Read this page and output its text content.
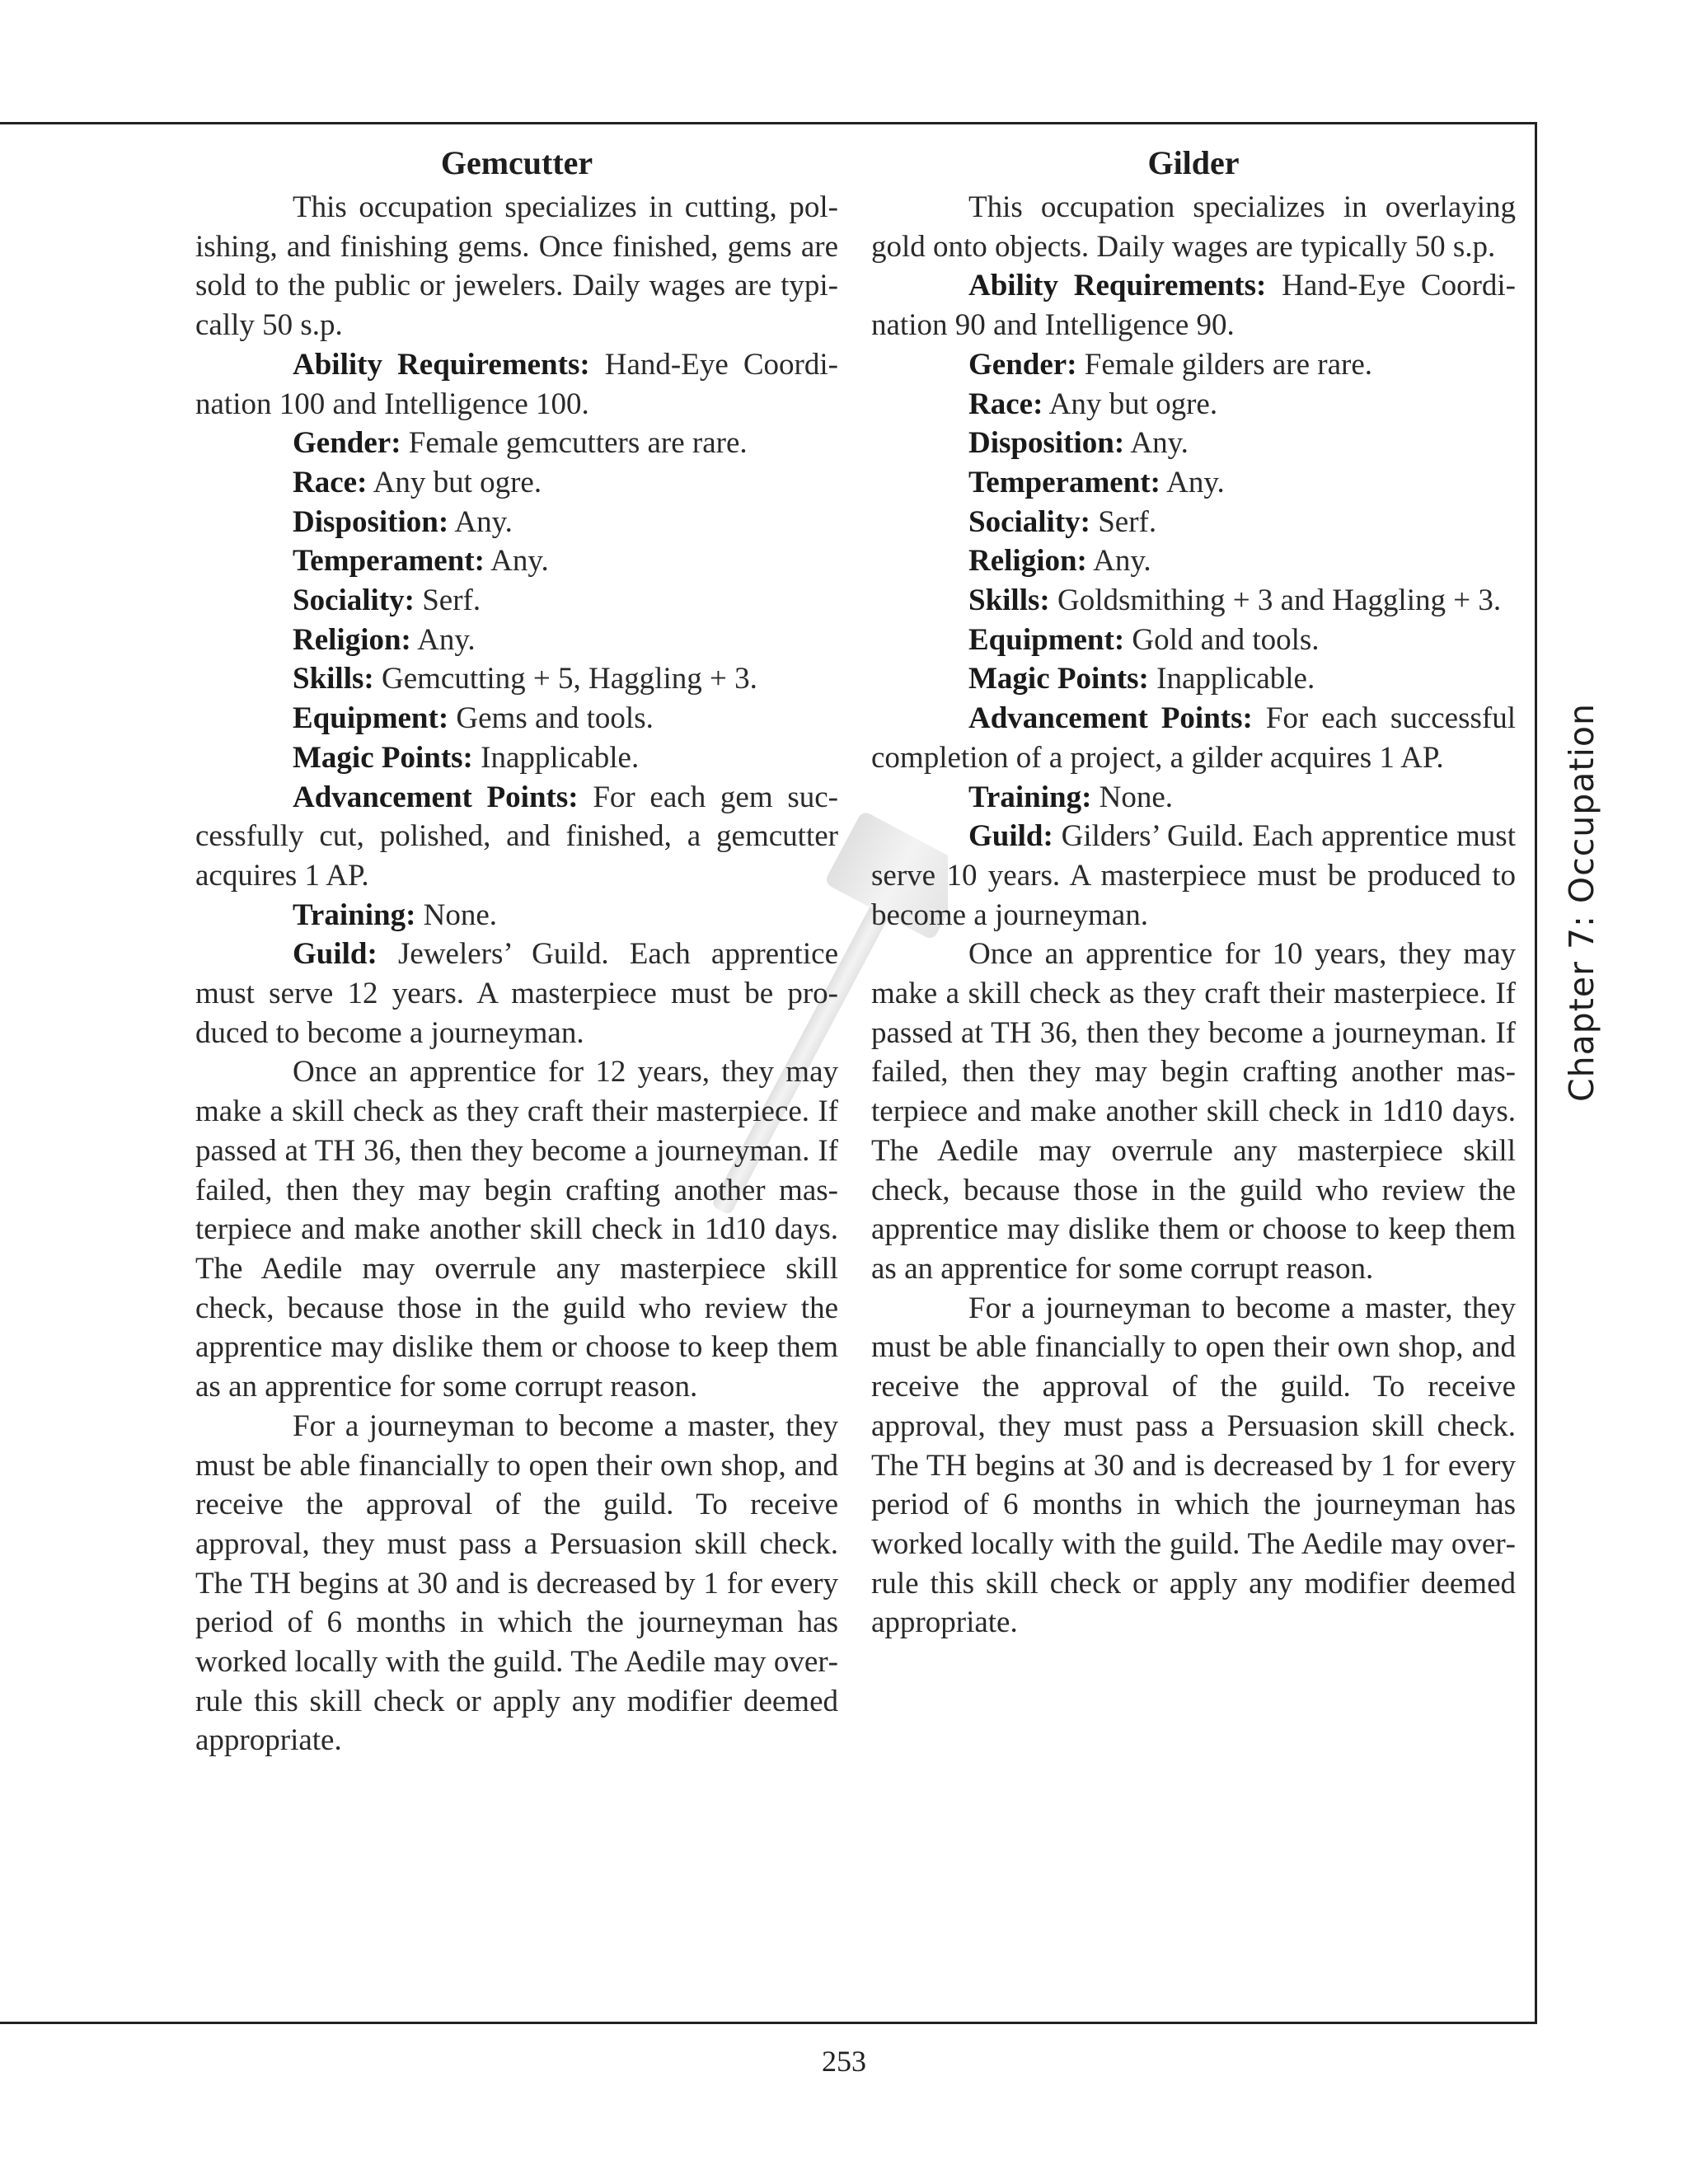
Gemcutter

This occupation specializes in cutting, polishing, and finishing gems. Once finished, gems are sold to the public or jewelers. Daily wages are typically 50 s.p.

Ability Requirements: Hand-Eye Coordination 100 and Intelligence 100.

Gender: Female gemcutters are rare.

Race: Any but ogre.

Disposition: Any.

Temperament: Any.

Sociality: Serf.

Religion: Any.

Skills: Gemcutting + 5, Haggling + 3.

Equipment: Gems and tools.

Magic Points: Inapplicable.

Advancement Points: For each gem successfully cut, polished, and finished, a gemcutter acquires 1 AP.

Training: None.

Guild: Jewelers’ Guild. Each apprentice must serve 12 years. A masterpiece must be produced to become a journeyman.

Once an apprentice for 12 years, they may make a skill check as they craft their masterpiece. If passed at TH 36, then they become a journeyman. If failed, then they may begin crafting another masterpiece and make another skill check in 1d10 days. The Aedile may overrule any masterpiece skill check, because those in the guild who review the apprentice may dislike them or choose to keep them as an apprentice for some corrupt reason.

For a journeyman to become a master, they must be able financially to open their own shop, and receive the approval of the guild. To receive approval, they must pass a Persuasion skill check. The TH begins at 30 and is decreased by 1 for every period of 6 months in which the journeyman has worked locally with the guild. The Aedile may overrule this skill check or apply any modifier deemed appropriate.

Gilder

This occupation specializes in overlaying gold onto objects. Daily wages are typically 50 s.p.

Ability Requirements: Hand-Eye Coordination 90 and Intelligence 90.

Gender: Female gilders are rare.

Race: Any but ogre.

Disposition: Any.

Temperament: Any.

Sociality: Serf.

Religion: Any.

Skills: Goldsmithing + 3 and Haggling + 3.

Equipment: Gold and tools.

Magic Points: Inapplicable.

Advancement Points: For each successful completion of a project, a gilder acquires 1 AP.

Training: None.

Guild: Gilders’ Guild. Each apprentice must serve 10 years. A masterpiece must be produced to become a journeyman.

Once an apprentice for 10 years, they may make a skill check as they craft their masterpiece. If passed at TH 36, then they become a journeyman. If failed, then they may begin crafting another masterpiece and make another skill check in 1d10 days. The Aedile may overrule any masterpiece skill check, because those in the guild who review the apprentice may dislike them or choose to keep them as an apprentice for some corrupt reason.

For a journeyman to become a master, they must be able financially to open their own shop, and receive the approval of the guild. To receive approval, they must pass a Persuasion skill check. The TH begins at 30 and is decreased by 1 for every period of 6 months in which the journeyman has worked locally with the guild. The Aedile may overrule this skill check or apply any modifier deemed appropriate.

Chapter 7: Occupation
253
